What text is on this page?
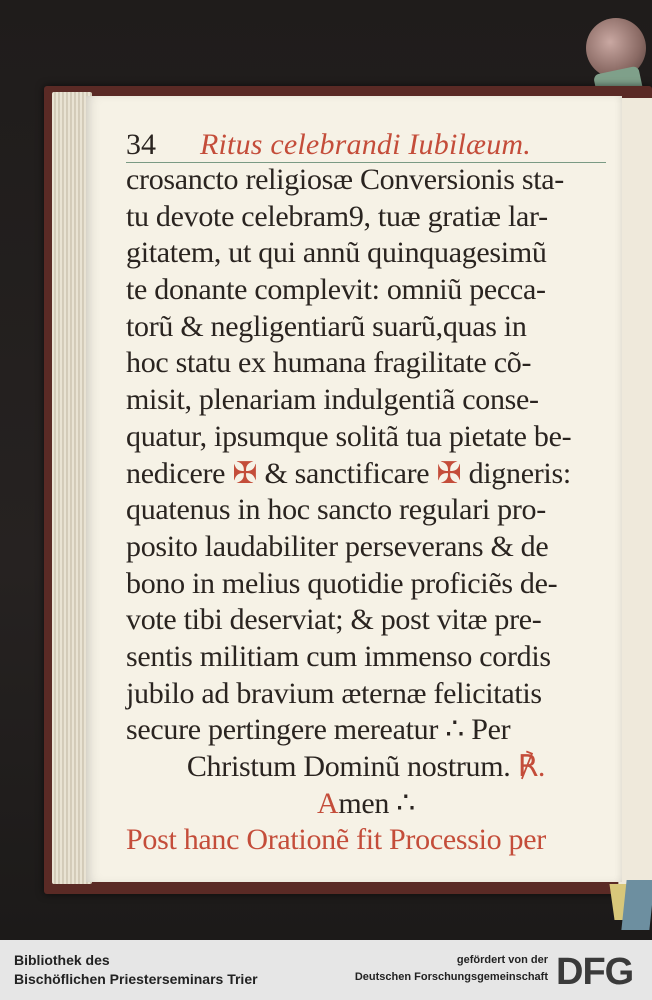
34 Ritus celebrandi Iubilæum.
crosancto religiosæ Conversionis sta-
tu devote celebram9, tuæ gratiæ lar-
gitatem, ut qui annũ quinquagesimũ
te donante complevit: omniũ pecca-
torũ & negligentiarũ suarũ,quas in
hoc statu ex humana fragilitate cõ-
misit, plenariam indulgentiã conse-
quatur, ipsumque solitã tua pietate be-
nedicere ✠ & sanctificare ✠ digneris:
quatenus in hoc sancto regulari pro-
posito laudabiliter perseverans & de
bono in melius quotidie proficiẽs de-
vote tibi deserviat; & post vitæ pre-
sentis militiam cum immenso cordis
jubilo ad bravium æternæ felicitatis
secure pertingere mereatur ∴ Per
Christum Dominũ nostrum. ℟.
Amen ∴
Post hanc Orationẽ fit Processio per
Bibliothek des
Bischöflichen Priesterseminars Trier
gefördert von der
Deutschen Forschungsgemeinschaft DFG
